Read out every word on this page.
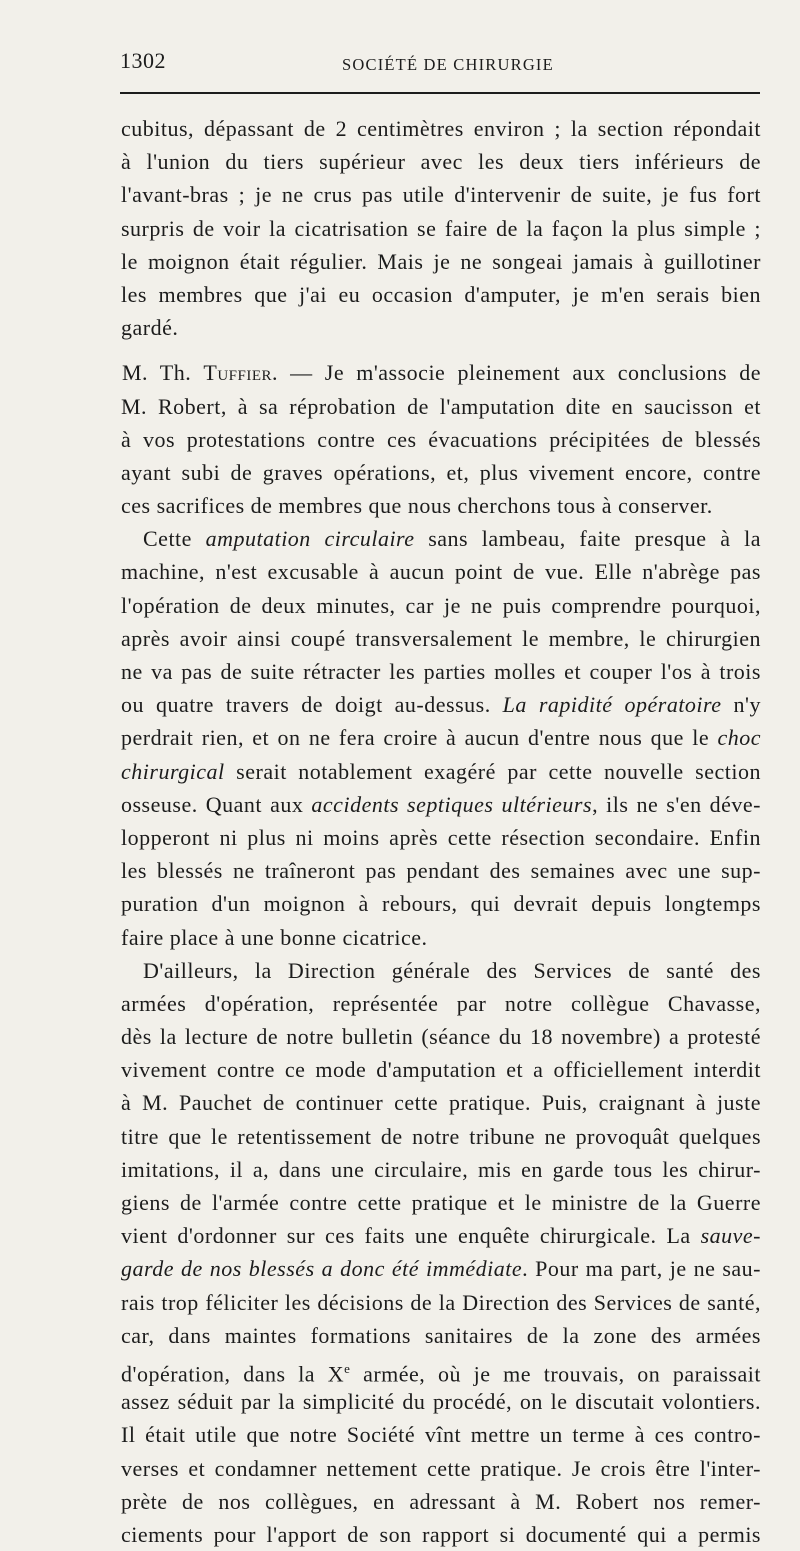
1302	SOCIÉTÉ DE CHIRURGIE
cubitus, dépassant de 2 centimètres environ ; la section répondait
à l'union du tiers supérieur avec les deux tiers inférieurs de
l'avant-bras ; je ne crus pas utile d'intervenir de suite, je fus fort
surpris de voir la cicatrisation se faire de la façon la plus simple ;
le moignon était régulier. Mais je ne songeai jamais à guillotiner
les membres que j'ai eu occasion d'amputer, je m'en serais bien
gardé.
M. Th. Tuffier. — Je m'associe pleinement aux conclusions de
M. Robert, à sa réprobation de l'amputation dite en saucisson et
à vos protestations contre ces évacuations précipitées de blessés
ayant subi de graves opérations, et, plus vivement encore, contre
ces sacrifices de membres que nous cherchons tous à conserver.
Cette amputation circulaire sans lambeau, faite presque à la
machine, n'est excusable à aucun point de vue. Elle n'abrège pas
l'opération de deux minutes, car je ne puis comprendre pourquoi,
après avoir ainsi coupé transversalement le membre, le chirurgien
ne va pas de suite rétracter les parties molles et couper l'os à trois
ou quatre travers de doigt au-dessus. La rapidité opératoire n'y
perdrait rien, et on ne fera croire à aucun d'entre nous que le choc
chirurgical serait notablement exagéré par cette nouvelle section
osseuse. Quant aux accidents septiques ultérieurs, ils ne s'en déve-
lopperont ni plus ni moins après cette résection secondaire. Enfin
les blessés ne traîneront pas pendant des semaines avec une sup-
puration d'un moignon à rebours, qui devrait depuis longtemps
faire place à une bonne cicatrice.
D'ailleurs, la Direction générale des Services de santé des
armées d'opération, représentée par notre collègue Chavasse,
dès la lecture de notre bulletin (séance du 18 novembre) a protesté
vivement contre ce mode d'amputation et a officiellement interdit
à M. Pauchet de continuer cette pratique. Puis, craignant à juste
titre que le retentissement de notre tribune ne provoquât quelques
imitations, il a, dans une circulaire, mis en garde tous les chirur-
giens de l'armée contre cette pratique et le ministre de la Guerre
vient d'ordonner sur ces faits une enquête chirurgicale. La sauve-
garde de nos blessés a donc été immédiate. Pour ma part, je ne sau-
rais trop féliciter les décisions de la Direction des Services de santé,
car, dans maintes formations sanitaires de la zone des armées
d'opération, dans la Xe armée, où je me trouvais, on paraissait
assez séduit par la simplicité du procédé, on le discutait volontiers.
Il était utile que notre Société vînt mettre un terme à ces contro-
verses et condamner nettement cette pratique. Je crois être l'inter-
prète de nos collègues, en adressant à M. Robert nos remer-
ciements pour l'apport de son rapport si documenté qui a permis
